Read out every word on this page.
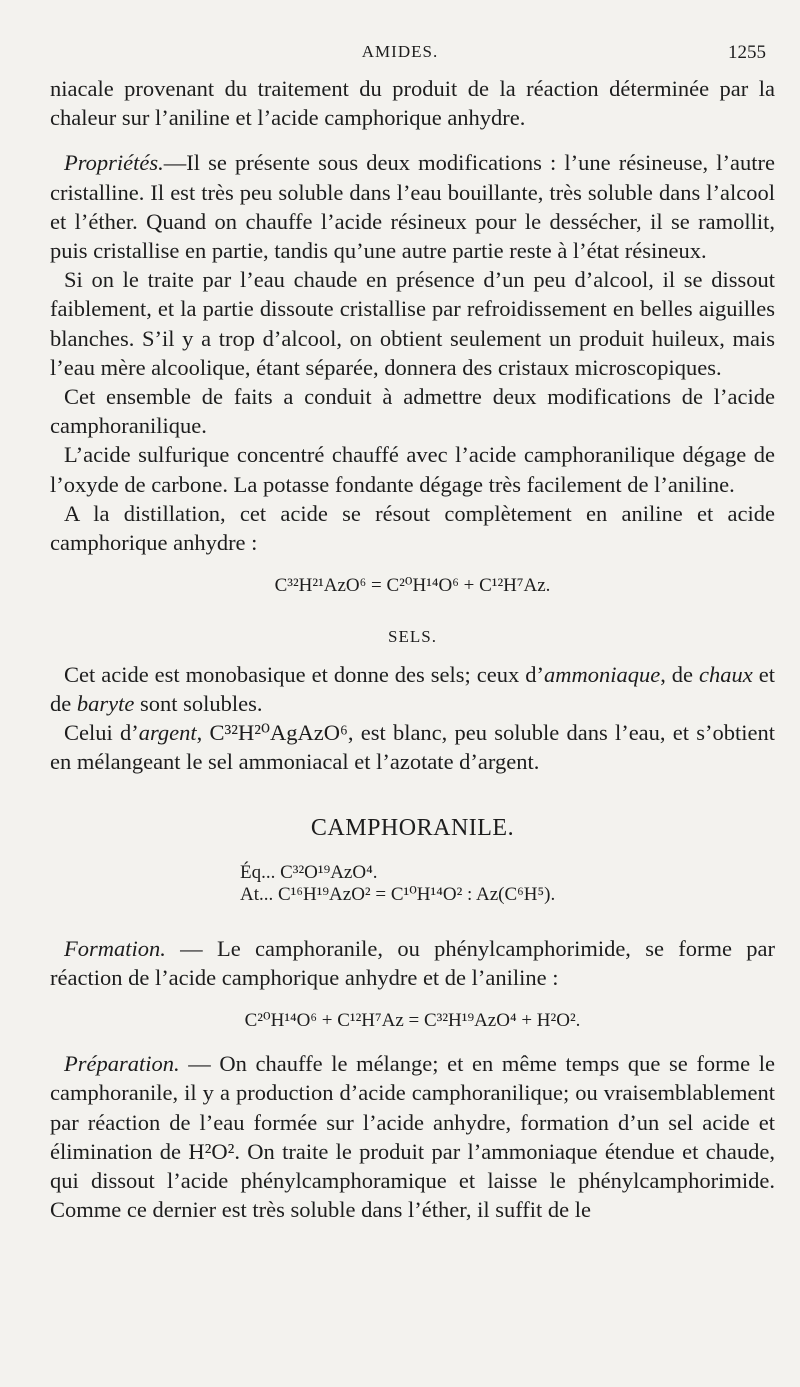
AMIDES.	1255

niacale provenant du traitement du produit de la réaction déterminée par la chaleur sur l’aniline et l’acide camphorique anhydre.

Propriétés.—Il se présente sous deux modifications : l’une résineuse, l’autre cristalline. Il est très peu soluble dans l’eau bouillante, très soluble dans l’alcool et l’éther. Quand on chauffe l’acide résineux pour le dessécher, il se ramollit, puis cristallise en partie, tandis qu’une autre partie reste à l’état résineux.

Si on le traite par l’eau chaude en présence d’un peu d’alcool, il se dissout faiblement, et la partie dissoute cristallise par refroidissement en belles aiguilles blanches. S’il y a trop d’alcool, on obtient seulement un produit huileux, mais l’eau mère alcoolique, étant séparée, donnera des cristaux microscopiques.

Cet ensemble de faits a conduit à admettre deux modifications de l’acide camphoranilique.

L’acide sulfurique concentré chauffé avec l’acide camphoranilique dégage de l’oxyde de carbone. La potasse fondante dégage très facilement de l’aniline.

A la distillation, cet acide se résout complètement en aniline et acide camphorique anhydre :

C³²H²¹AzO⁶ = C²⁰H¹⁴O⁶ + C¹²H⁷Az.
SELS.

Cet acide est monobasique et donne des sels; ceux d’ammoniaque, de chaux et de baryte sont solubles.

Celui d’argent, C³²H²⁰AgAzO⁶, est blanc, peu soluble dans l’eau, et s’obtient en mélangeant le sel ammoniacal et l’azotate d’argent.

CAMPHORANILE.
Éq... C³²O¹⁹AzO⁴.
At... C¹⁶H¹⁹AzO² = C¹⁰H¹⁴O² : Az(C⁶H⁵).

Formation. — Le camphoranile, ou phénylcamphorimide, se forme par réaction de l’acide camphorique anhydre et de l’aniline :

C²⁰H¹⁴O⁶ + C¹²H⁷Az = C³²H¹⁹AzO⁴ + H²O².

Préparation. — On chauffe le mélange; et en même temps que se forme le camphoranile, il y a production d’acide camphoranilique; ou vraisemblablement par réaction de l’eau formée sur l’acide anhydre, formation d’un sel acide et élimination de H²O². On traite le produit par l’ammoniaque étendue et chaude, qui dissout l’acide phénylcamphoramique et laisse le phénylcamphorimide. Comme ce dernier est très soluble dans l’éther, il suffit de le
